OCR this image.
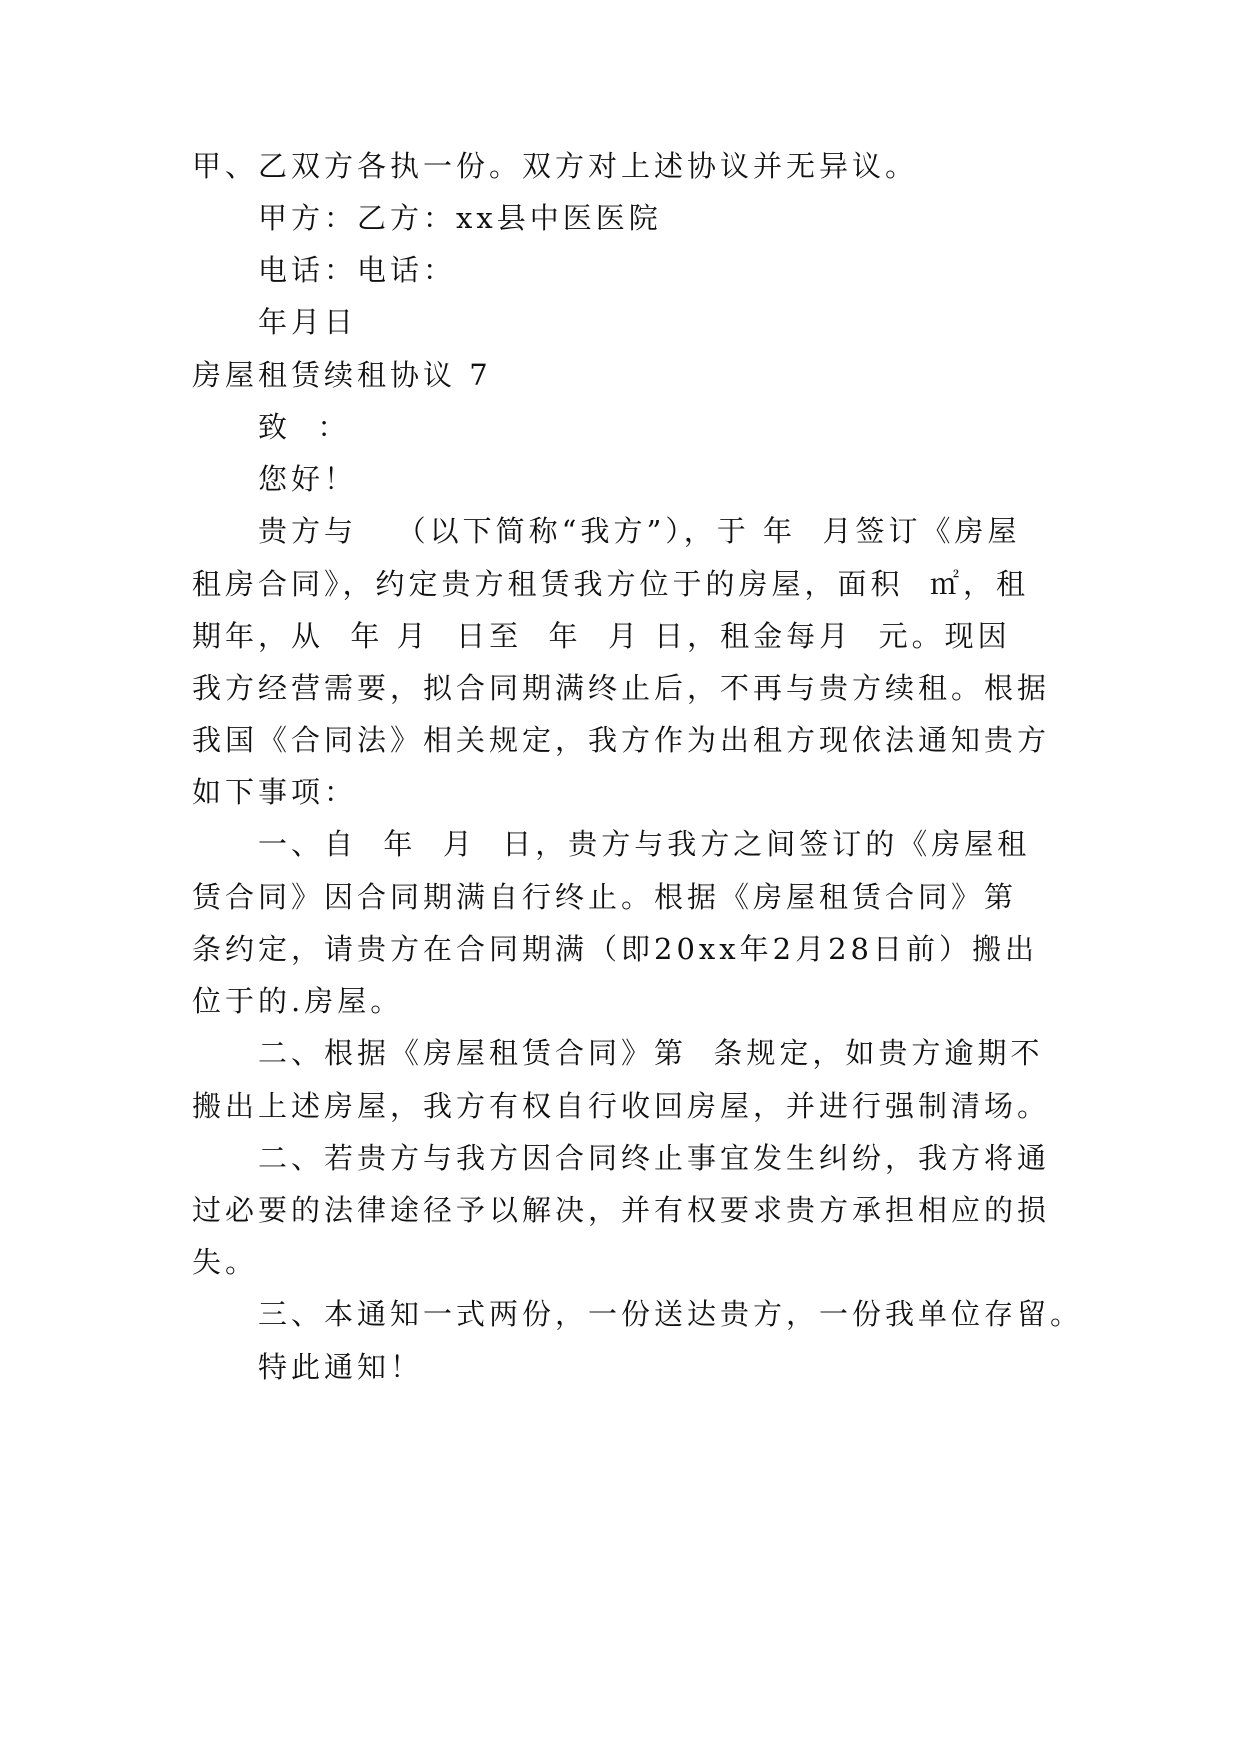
甲、乙双方各执一份。双方对上述协议并无异议。
甲方：乙方：xx县中医医院
电话：电话：
年月日
房屋租赁续租协议 7
致  ：
您好！
贵方与   （以下简称“我方”），于 年  月签订《房屋
租房合同》，约定贵方租赁我方位于的房屋，面积  ㎡，租
期年，从  年 月  日至  年  月 日，租金每月  元。现因
我方经营需要，拟合同期满终止后，不再与贵方续租。根据
我国《合同法》相关规定，我方作为出租方现依法通知贵方
如下事项：
一、自  年  月  日，贵方与我方之间签订的《房屋租
赁合同》因合同期满自行终止。根据《房屋租赁合同》第
条约定，请贵方在合同期满（即20xx年2月28日前）搬出
位于的.房屋。
二、根据《房屋租赁合同》第  条规定，如贵方逾期不
搬出上述房屋，我方有权自行收回房屋，并进行强制清场。
二、若贵方与我方因合同终止事宜发生纠纷，我方将通
过必要的法律途径予以解决，并有权要求贵方承担相应的损
失。
三、本通知一式两份，一份送达贵方，一份我单位存留。
特此通知！
